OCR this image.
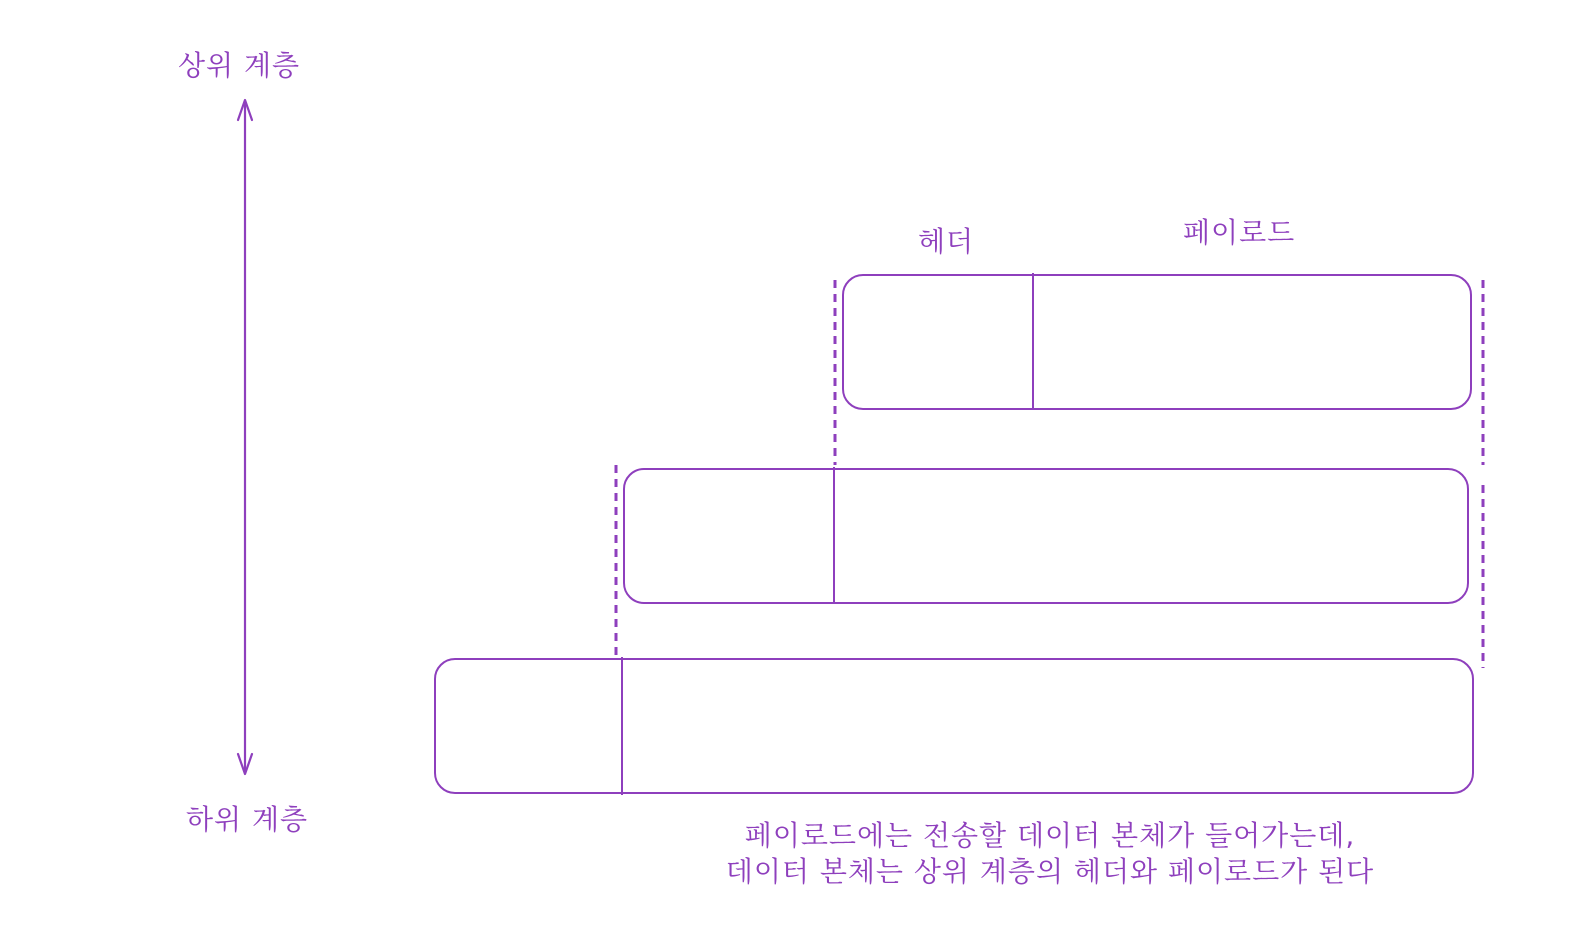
상위 계층
하위 계층
헤더	페이로드
페이로드에는 전송할 데이터 본체가 들어가는데,
데이터 본체는 상위 계층의 헤더와 페이로드가 된다
